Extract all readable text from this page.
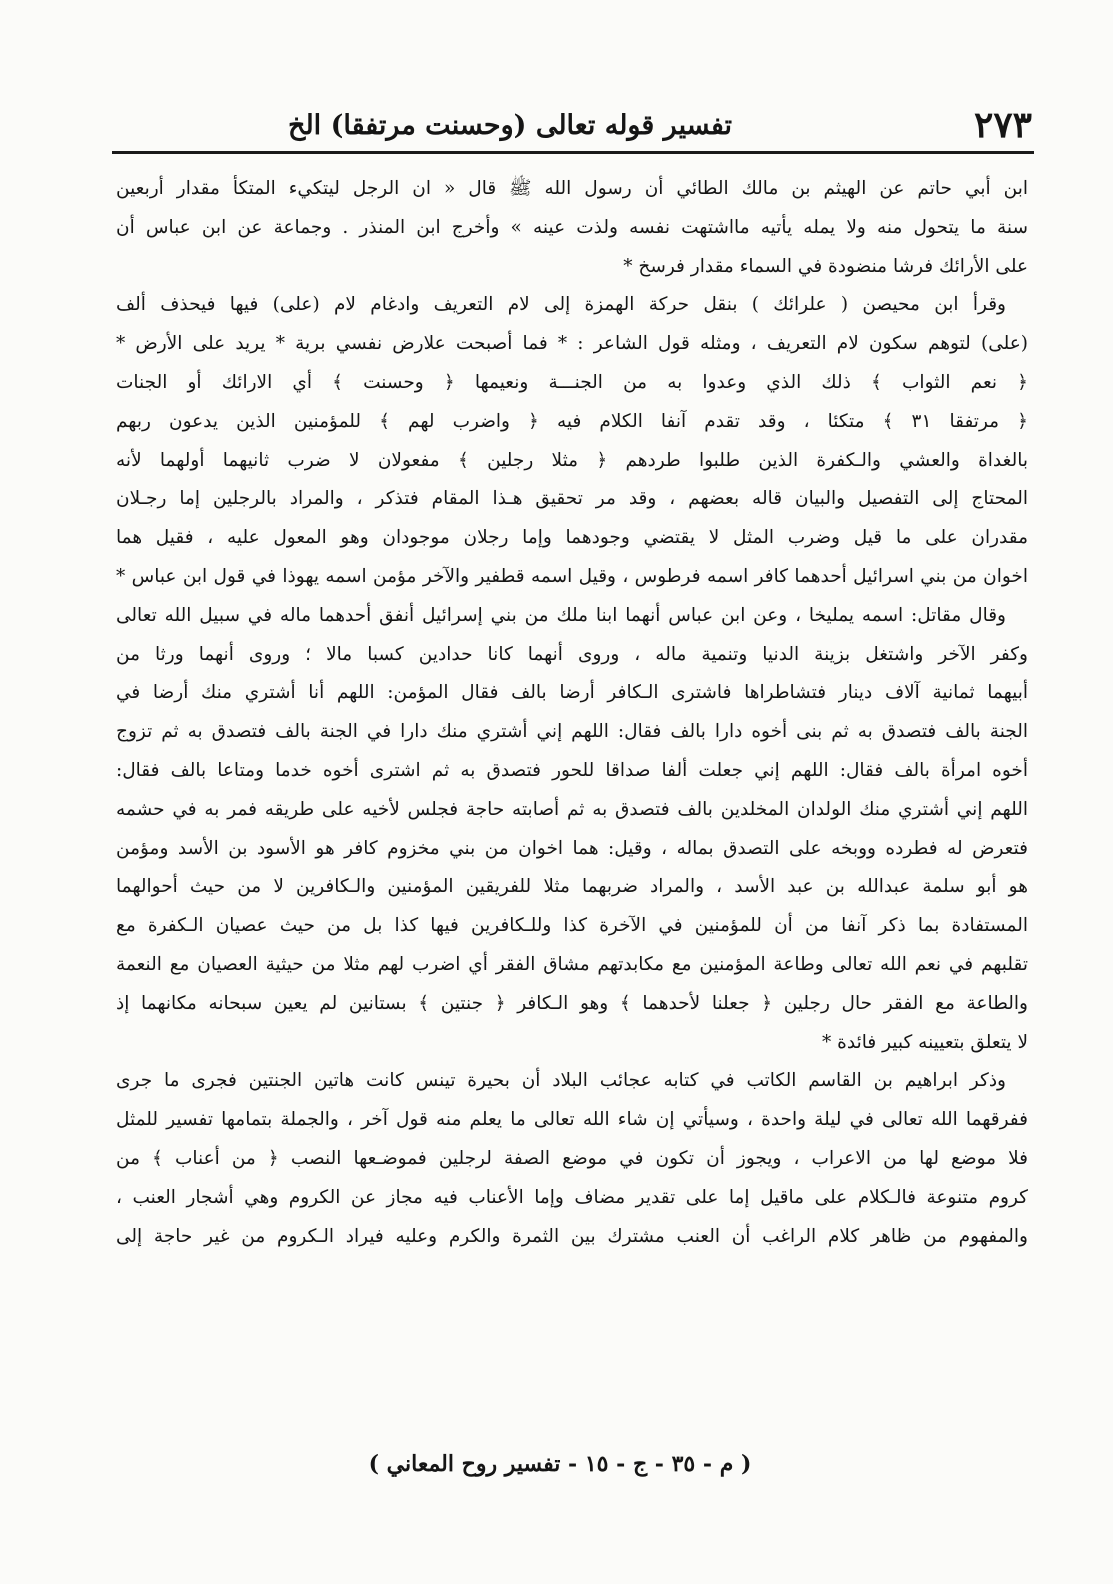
٢٧٣
تفسير قوله تعالى (وحسنت مرتفقا) الخ
ابن أبي حاتم عن الهيثم بن مالك الطائي أن رسول الله ﷺ قال « ان الرجل ليتكيء المتكأ مقدار أربعين
سنة ما يتحول منه ولا يمله يأتيه مااشتهت نفسه ولذت عينه » وأخرج ابن المنذر . وجماعة عن ابن عباس أن
على الأرائك فرشا منضودة في السماء مقدار فرسخ *
وقرأ ابن محيصن ( علرائك ) بنقل حركة الهمزة إلى لام التعريف وادغام لام (على) فيها فيحذف ألف
(على) لتوهم سكون لام التعريف ، ومثله قول الشاعر : * فما أصبحت علارض نفسي برية * يريد على الأرض *
﴿ نعم الثواب ﴾ ذلك الذي وعدوا به من الجنـــة ونعيمها ﴿ وحسنت ﴾ أي الارائك أو الجنات
﴿ مرتفقا ٣١ ﴾ متكئا ، وقد تقدم آنفا الكلام فيه ﴿ واضرب لهم ﴾ للمؤمنين الذين يدعون ربهم
بالغداة والعشي والـكفرة الذين طلبوا طردهم ﴿ مثلا رجلين ﴾ مفعولان لا ضرب ثانيهما أولهما لأنه
المحتاج إلى التفصيل والبيان قاله بعضهم ، وقد مر تحقيق هـذا المقام فتذكر ، والمراد بالرجلين إما رجـلان
مقدران على ما قيل وضرب المثل لا يقتضي وجودهما وإما رجلان موجودان وهو المعول عليه ، فقيل هما
اخوان من بني اسرائيل أحدهما كافر اسمه فرطوس ، وقيل اسمه قطفير والآخر مؤمن اسمه يهوذا في قول ابن عباس *
وقال مقاتل: اسمه يمليخا ، وعن ابن عباس أنهما ابنا ملك من بني إسرائيل أنفق أحدهما ماله في سبيل الله تعالى
وكفر الآخر واشتغل بزينة الدنيا وتنمية ماله ، وروى أنهما كانا حدادين كسبا مالا ؛ وروى أنهما ورثا من
أبيهما ثمانية آلاف دينار فتشاطراها فاشترى الـكافر أرضا بالف فقال المؤمن: اللهم أنا أشتري منك أرضا في
الجنة بالف فتصدق به ثم بنى أخوه دارا بالف فقال: اللهم إني أشتري منك دارا في الجنة بالف فتصدق به ثم تزوج
أخوه امرأة بالف فقال: اللهم إني جعلت ألفا صداقا للحور فتصدق به ثم اشترى أخوه خدما ومتاعا بالف فقال:
اللهم إني أشتري منك الولدان المخلدين بالف فتصدق به ثم أصابته حاجة فجلس لأخيه على طريقه فمر به في حشمه
فتعرض له فطرده ووبخه على التصدق بماله ، وقيل: هما اخوان من بني مخزوم كافر هو الأسود بن الأسد ومؤمن
هو أبو سلمة عبدالله بن عبد الأسد ، والمراد ضربهما مثلا للفريقين المؤمنين والـكافرين لا من حيث أحوالهما
المستفادة بما ذكر آنفا من أن للمؤمنين في الآخرة كذا وللـكافرين فيها كذا بل من حيث عصيان الـكفرة مع
تقلبهم في نعم الله تعالى وطاعة المؤمنين مع مكابدتهم مشاق الفقر أي اضرب لهم مثلا من حيثية العصيان مع النعمة
والطاعة مع الفقر حال رجلين ﴿ جعلنا لأحدهما ﴾ وهو الـكافر ﴿ جنتين ﴾ بستانين لم يعين سبحانه مكانهما إذ
لا يتعلق بتعيينه كبير فائدة *
وذكر ابراهيم بن القاسم الكاتب في كتابه عجائب البلاد أن بحيرة تينس كانت هاتين الجنتين فجرى ما جرى
ففرقهما الله تعالى في ليلة واحدة ، وسيأتي إن شاء الله تعالى ما يعلم منه قول آخر ، والجملة بتمامها تفسير للمثل
فلا موضع لها من الاعراب ، ويجوز أن تكون في موضع الصفة لرجلين فموضـعها النصب ﴿ من أعناب ﴾ من
كروم متنوعة فالـكلام على ماقيل إما على تقدير مضاف وإما الأعناب فيه مجاز عن الكروم وهي أشجار العنب ،
والمفهوم من ظاهر كلام الراغب أن العنب مشترك بين الثمرة والكرم وعليه فيراد الـكروم من غير حاجة إلى
( م - ٣٥ - ج - ١٥ - تفسير روح المعاني )
